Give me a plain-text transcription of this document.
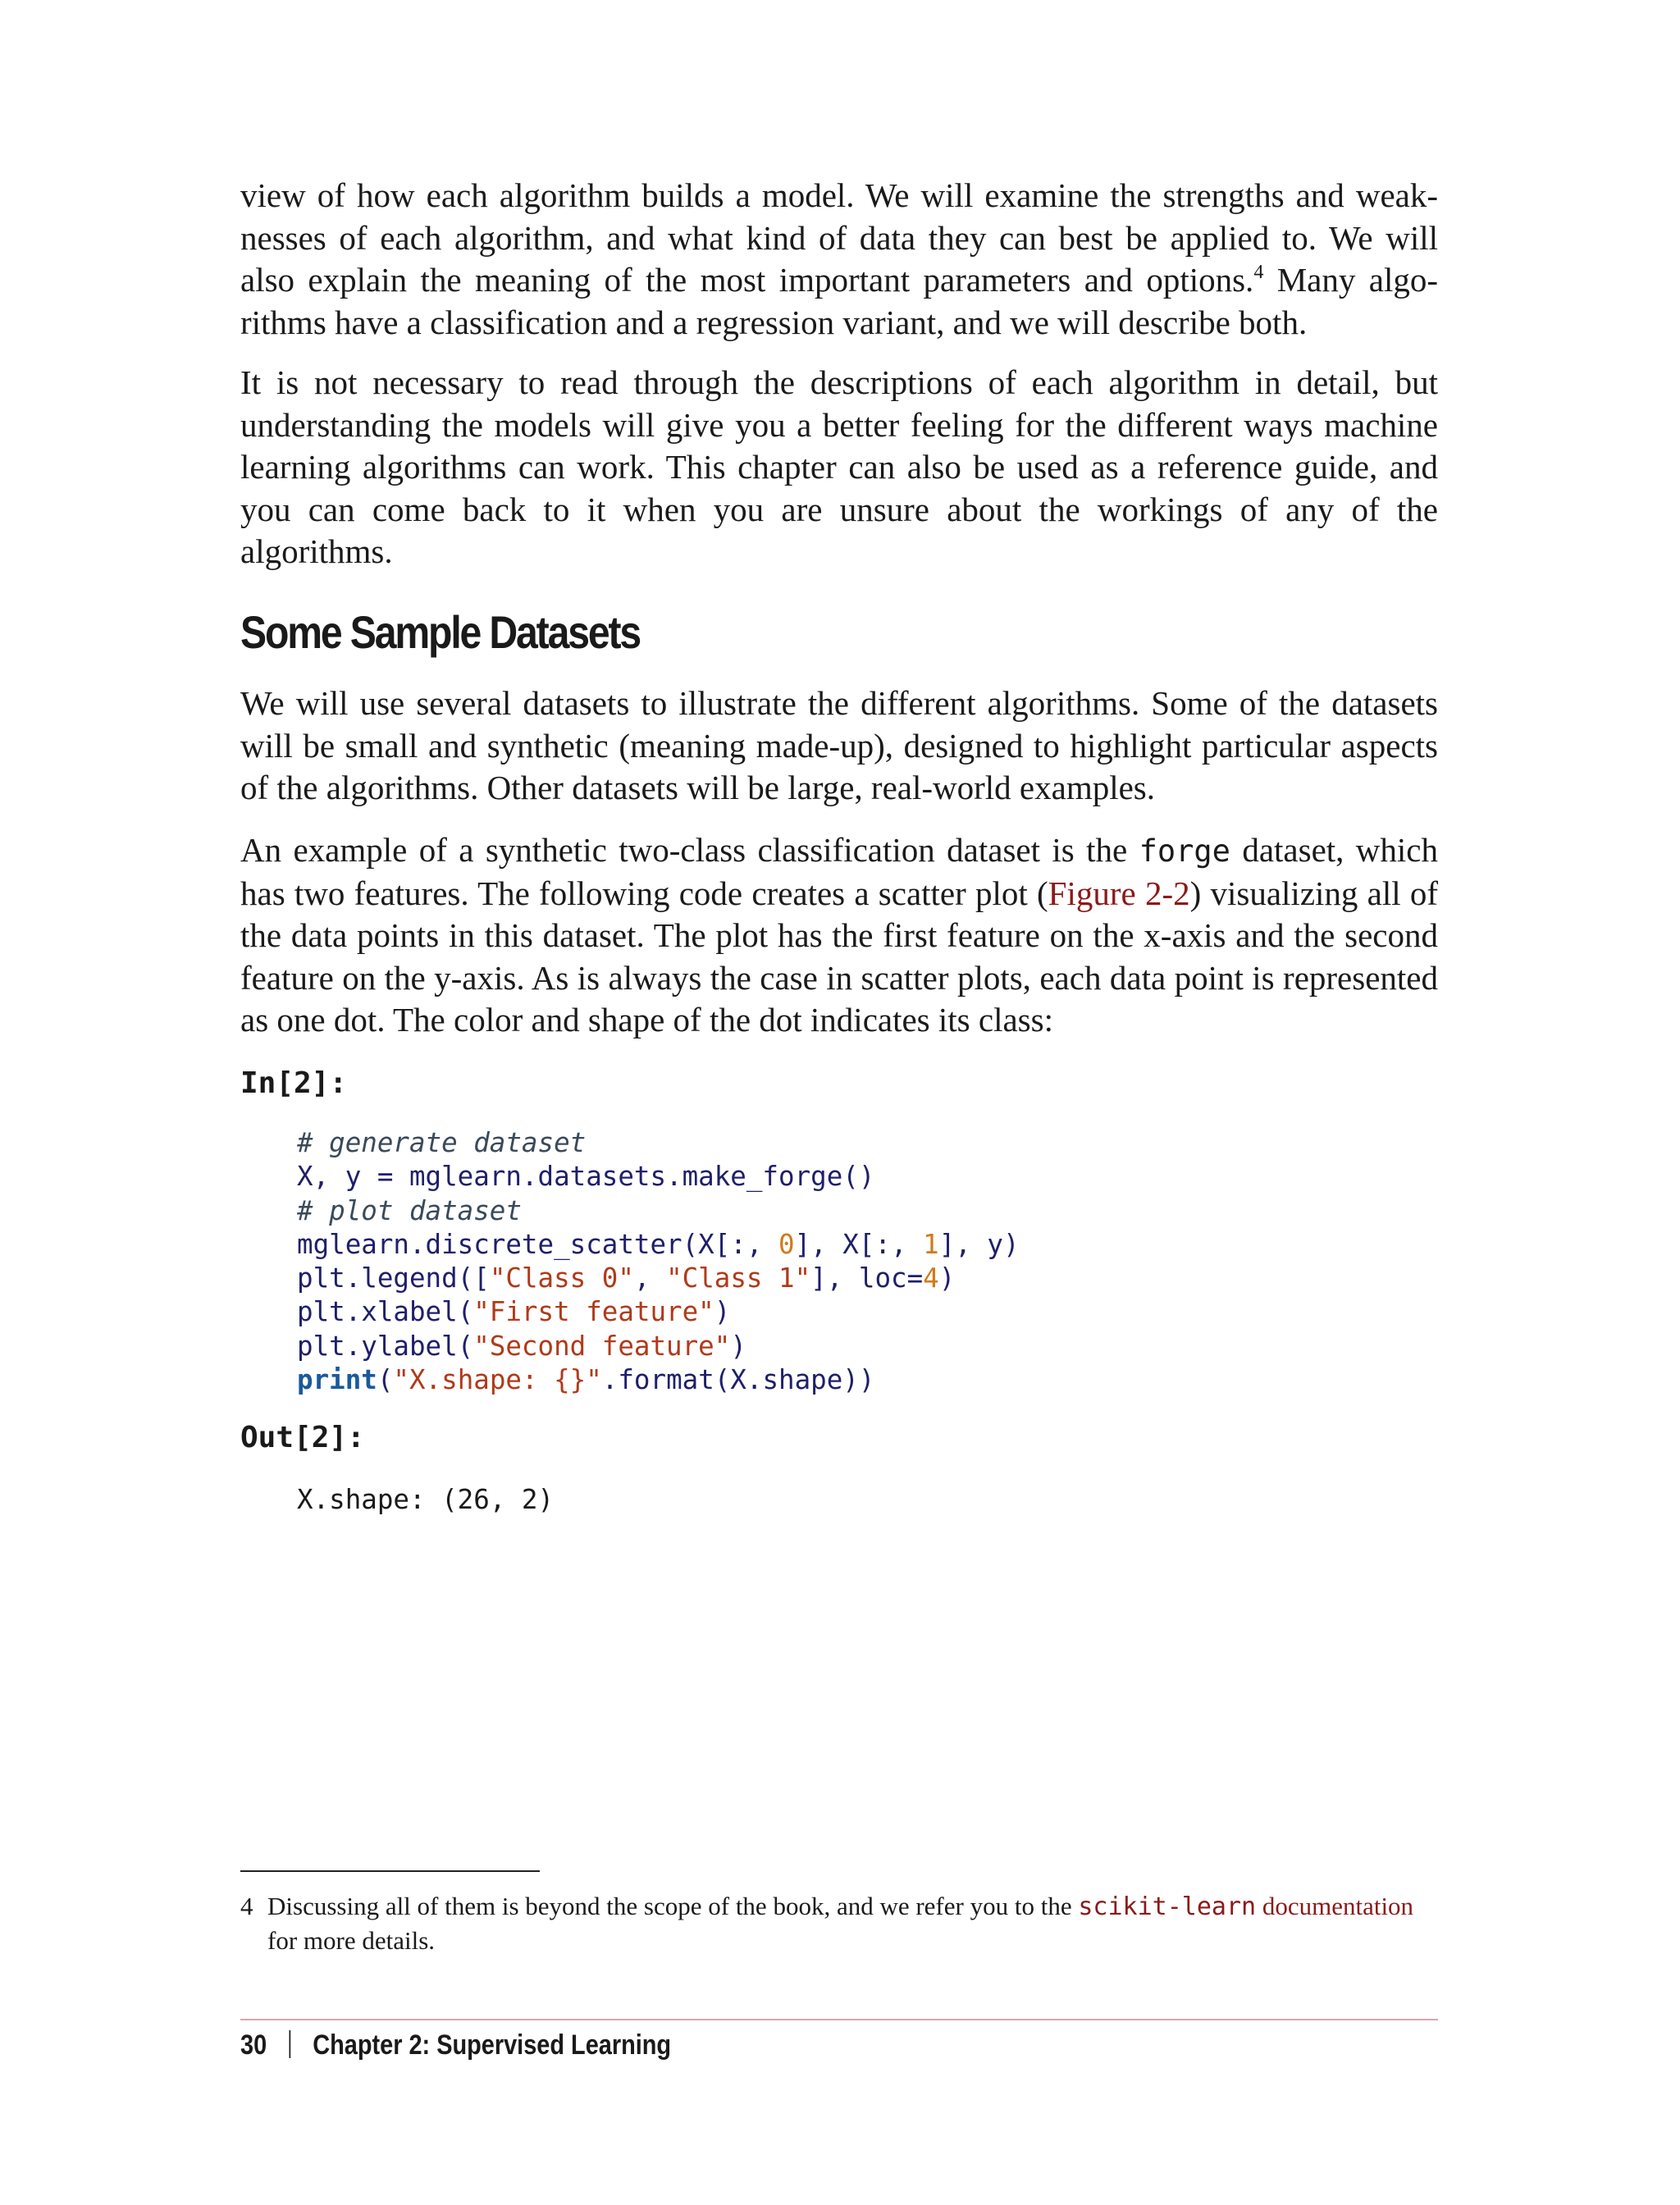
view of how each algorithm builds a model. We will examine the strengths and weak-

nesses of each algorithm, and what kind of data they can best be applied to. We will

also explain the meaning of the most important parameters and options.$^4$ Many algo-

rithms have a classification and a regression variant, and we will describe both.

It is not necessary to read through the descriptions of each algorithm in detail, but understanding the models will give you a better feeling for the different ways machine learning algorithms can work. This chapter can also be used as a reference guide, and you can come back to it when you are unsure about the workings of any of the algorithms.

Some Sample Datasets

We will use several datasets to illustrate the different algorithms. Some of the datasets will be small and synthetic (meaning made-up), designed to highlight particular aspects of the algorithms. Other datasets will be large, real-world examples.

An example of a synthetic two-class classification dataset is the forge dataset, which has two features. The following code creates a scatter plot (Figure 2-2) visualizing all of the data points in this dataset. The plot has the first feature on the x-axis and the second feature on the y-axis. As is always the case in scatter plots, each data point is represented as one dot. The color and shape of the dot indicates its class:

In[2]:
# generate dataset
X, y = mglearn.datasets.make_forge()
# plot dataset
mglearn.discrete_scatter(X[:, 0], X[:, 1], y)
plt.legend(["Class 0", "Class 1"], loc=4)
plt.xlabel("First feature")
plt.ylabel("Second feature")
print("X.shape: {}".format(X.shape))
Out[2]:
X.shape: (26, 2)
4 Discussing all of them is beyond the scope of the book, and we refer you to the scikit-learn documentation
for more details.
30 Chapter 2: Supervised Learning
